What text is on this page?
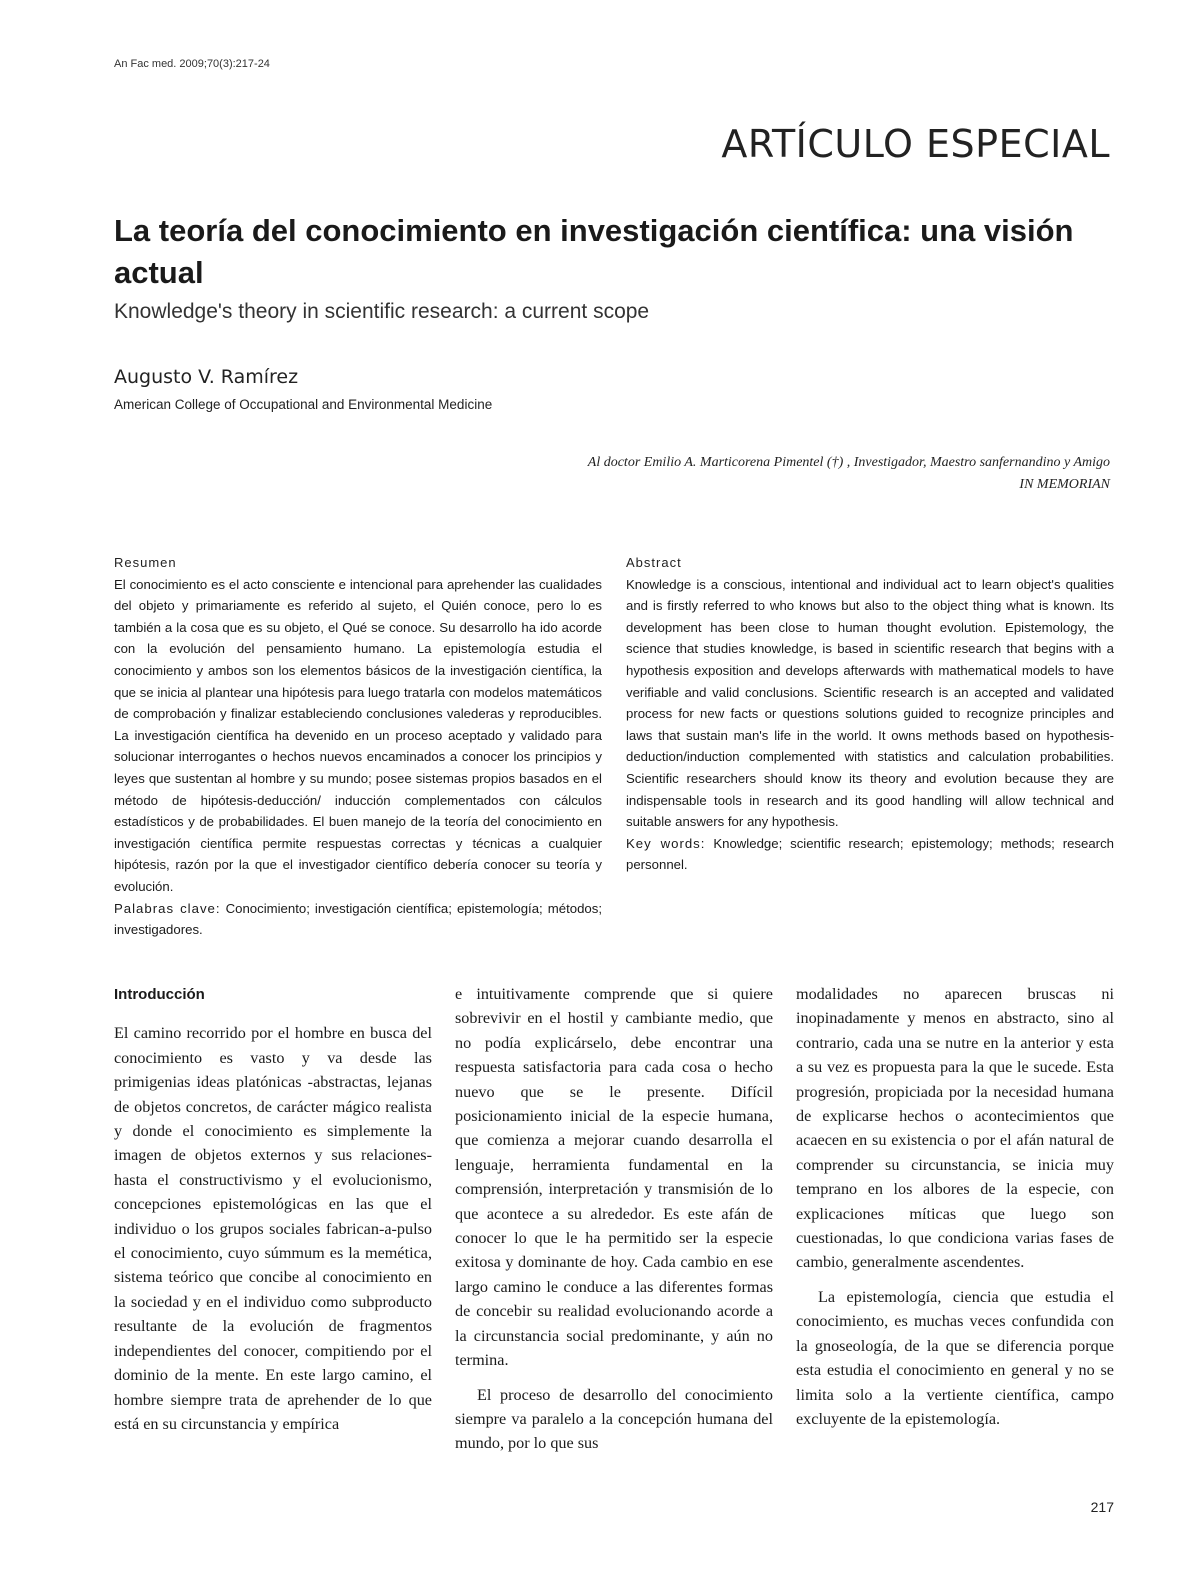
An Fac med. 2009;70(3):217-24
ARTÍCULO ESPECIAL
La teoría del conocimiento en investigación científica: una visión actual
Knowledge's theory in scientific research: a current scope
Augusto V. Ramírez
American College of Occupational and Environmental Medicine
Al doctor Emilio A. Marticorena Pimentel (†) , Investigador, Maestro sanfernandino y Amigo
IN MEMORIAN
Resumen
El conocimiento es el acto consciente e intencional para aprehender las cualidades del objeto y primariamente es referido al sujeto, el Quién conoce, pero lo es también a la cosa que es su objeto, el Qué se conoce. Su desarrollo ha ido acorde con la evolución del pensamiento humano. La epistemología estudia el conocimiento y ambos son los elementos básicos de la investigación científica, la que se inicia al plantear una hipótesis para luego tratarla con modelos matemáticos de comprobación y finalizar estableciendo conclusiones valederas y reproducibles. La investigación científica ha devenido en un proceso aceptado y validado para solucionar interrogantes o hechos nuevos encaminados a conocer los principios y leyes que sustentan al hombre y su mundo; posee sistemas propios basados en el método de hipótesis-deducción/ inducción complementados con cálculos estadísticos y de probabilidades. El buen manejo de la teoría del conocimiento en investigación científica permite respuestas correctas y técnicas a cualquier hipótesis, razón por la que el investigador científico debería conocer su teoría y evolución.
Palabras clave: Conocimiento; investigación científica; epistemología; métodos; investigadores.
Abstract
Knowledge is a conscious, intentional and individual act to learn object's qualities and is firstly referred to who knows but also to the object thing what is known. Its development has been close to human thought evolution. Epistemology, the science that studies knowledge, is based in scientific research that begins with a hypothesis exposition and develops afterwards with mathematical models to have verifiable and valid conclusions. Scientific research is an accepted and validated process for new facts or questions solutions guided to recognize principles and laws that sustain man's life in the world. It owns methods based on hypothesis-deduction/induction complemented with statistics and calculation probabilities. Scientific researchers should know its theory and evolution because they are indispensable tools in research and its good handling will allow technical and suitable answers for any hypothesis.
Key words: Knowledge; scientific research; epistemology; methods; research personnel.
Introducción

El camino recorrido por el hombre en busca del conocimiento es vasto y va desde las primigenias ideas platónicas -abstractas, lejanas de objetos concretos, de carácter mágico realista y donde el conocimiento es simplemente la imagen de objetos externos y sus relaciones- hasta el constructivismo y el evolucionismo, concepciones epistemológicas en las que el individuo o los grupos sociales fabrican-a-pulso el conocimiento, cuyo súmmum es la memética, sistema teórico que concibe al conocimiento en la sociedad y en el individuo como subproducto resultante de la evolución de fragmentos independientes del conocer, compitiendo por el dominio de la mente. En este largo camino, el hombre siempre trata de aprehender de lo que está en su circunstancia y empírica

e intuitivamente comprende que si quiere sobrevivir en el hostil y cambiante medio, que no podía explicárselo, debe encontrar una respuesta satisfactoria para cada cosa o hecho nuevo que se le presente. Difícil posicionamiento inicial de la especie humana, que comienza a mejorar cuando desarrolla el lenguaje, herramienta fundamental en la comprensión, interpretación y transmisión de lo que acontece a su alrededor. Es este afán de conocer lo que le ha permitido ser la especie exitosa y dominante de hoy. Cada cambio en ese largo camino le conduce a las diferentes formas de concebir su realidad evolucionando acorde a la circunstancia social predominante, y aún no termina.

El proceso de desarrollo del conocimiento siempre va paralelo a la concepción humana del mundo, por lo que sus

modalidades no aparecen bruscas ni inopinadamente y menos en abstracto, sino al contrario, cada una se nutre en la anterior y esta a su vez es propuesta para la que le sucede. Esta progresión, propiciada por la necesidad humana de explicarse hechos o acontecimientos que acaecen en su existencia o por el afán natural de comprender su circunstancia, se inicia muy temprano en los albores de la especie, con explicaciones míticas que luego son cuestionadas, lo que condiciona varias fases de cambio, generalmente ascendentes.

La epistemología, ciencia que estudia el conocimiento, es muchas veces confundida con la gnoseología, de la que se diferencia porque esta estudia el conocimiento en general y no se limita solo a la vertiente científica, campo excluyente de la epistemología.

217
